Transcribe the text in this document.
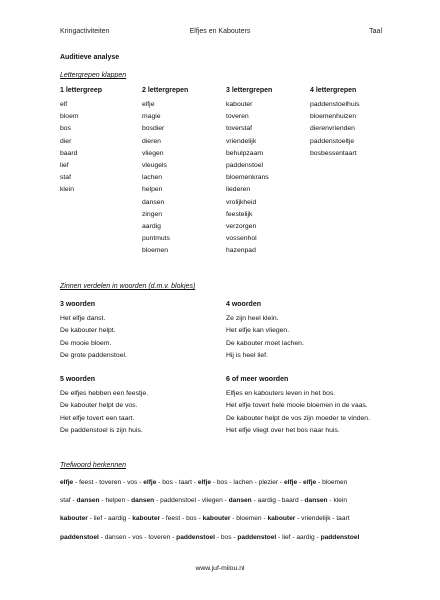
Kringactiviteiten	Elfjes en Kabouters	Taal
Auditieve analyse
Lettergrepen klappen
1 lettergreep
elf
bloem
bos
dier
baard
lief
staf
klein
2 lettergrepen
elfje
magie
bosdier
dieren
vliegen
vleugels
lachen
helpen
dansen
zingen
aardig
puntmuts
bloemen
3 lettergrepen
kabouter
toveren
toverstaf
vriendelijk
behulpzaam
paddenstoel
bloemenkrans
liederen
vrolijkheid
feestelijk
verzorgen
vossenhol
hazenpad
4 lettergrepen
paddenstoelhuis
bloemenhuizen
dierenvrienden
paddenstoeltje
bosbessentaart
Zinnen verdelen in woorden (d.m.v. blokjes)
3 woorden
Het elfje danst.
De kabouter helpt.
De mooie bloem.
De grote paddenstoel.
4 woorden
Ze zijn heel klein.
Het elfje kan vliegen.
De kabouter moet lachen.
Hij is heel lief.
5 woorden
De elfjes hebben een feestje.
De kabouter helpt de vos.
Het elfje tovert een taart.
De paddenstoel is zijn huis.
6 of meer woorden
Elfjes en kabouters leven in het bos.
Het elfje tovert hele mooie bloemen in de vaas.
De kabouter helpt de vos zijn moeder te vinden.
Het elfje vliegt over het bos naar huis.
Trefwoord herkennen
elfje - feest - toveren - vos - elfje - bos - taart - elfje - bos - lachen - plezier - elfje - elfje - bloemen
staf - dansen - helpen - dansen - paddenstoel - vliegen - dansen - aardig - baard - dansen - klein
kabouter - lief - aardig - kabouter - feest - bos - kabouter - bloemen - kabouter - vriendelijk - taart
paddenstoel - dansen - vos - toveren - paddenstoel - bos - paddenstoel - lief - aardig - paddenstoel
www.juf-milou.nl
